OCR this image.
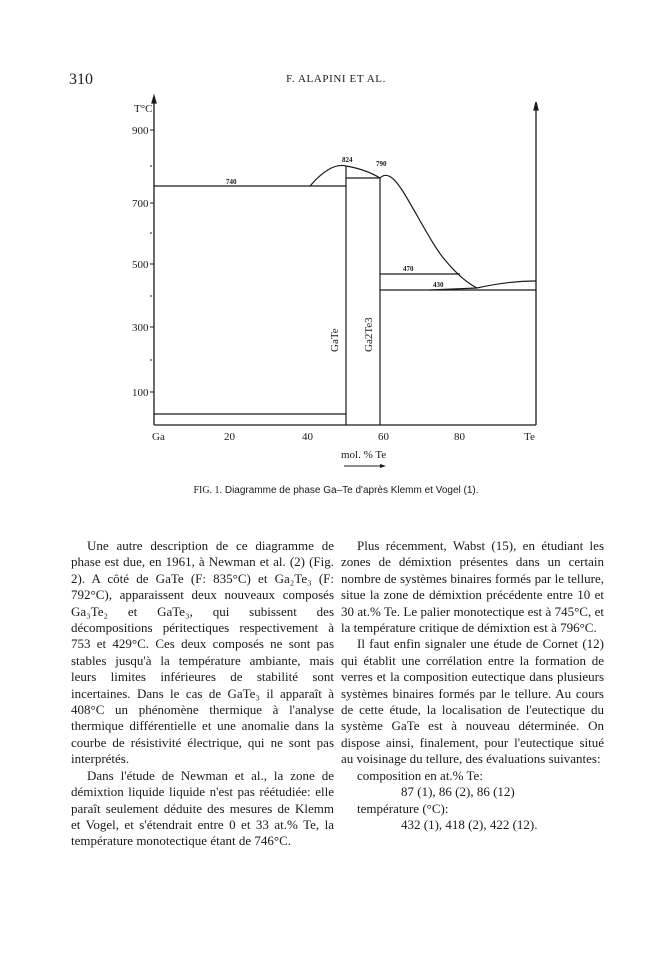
310	F. ALAPINI ET AL.
T°C
900
700
500
300
100
Ga	20	40	60	80	Te
mol. % Te
740
824	790
470
430
GaTe Ga2Te3
FIG. 1. Diagramme de phase Ga–Te d'après Klemm et Vogel (1).

Une autre description de ce diagramme de phase est due, en 1961, à Newman et al. (2) (Fig. 2). A côté de GaTe (F: 835°C) et Ga₂Te₃ (F: 792°C), apparaissent deux nouveaux composés Ga₃Te₂ et GaTe₃, qui subissent des décompositions péritectiques respectivement à 753 et 429°C. Ces deux composés ne sont pas stables jusqu'à la température ambiante, mais leurs limites inférieures de stabilité sont incertaines. Dans le cas de GaTe₃ il apparaît à 408°C un phénomène thermique à l'analyse thermique différentielle et une anomalie dans la courbe de résistivité électrique, qui ne sont pas interprétés.

Dans l'étude de Newman et al., la zone de démixtion liquide liquide n'est pas réétudiée: elle paraît seulement déduite des mesures de Klemm et Vogel, et s'étendrait entre 0 et 33 at.% Te, la température monotectique étant de 746°C.

Plus récemment, Wabst (15), en étudiant les zones de démixtion présentes dans un certain nombre de systèmes binaires formés par le tellure, situe la zone de démixtion précédente entre 10 et 30 at.% Te. Le palier monotectique est à 745°C, et la température critique de démixtion est à 796°C.

Il faut enfin signaler une étude de Cornet (12) qui établit une corrélation entre la formation de verres et la composition eutectique dans plusieurs systèmes binaires formés par le tellure. Au cours de cette étude, la localisation de l'eutectique du système GaTe est à nouveau déterminée. On dispose ainsi, finalement, pour l'eutectique situé au voisinage du tellure, des évaluations suivantes:

composition en at.% Te:
87 (1), 86 (2), 86 (12)
température (°C):
432 (1), 418 (2), 422 (12).
